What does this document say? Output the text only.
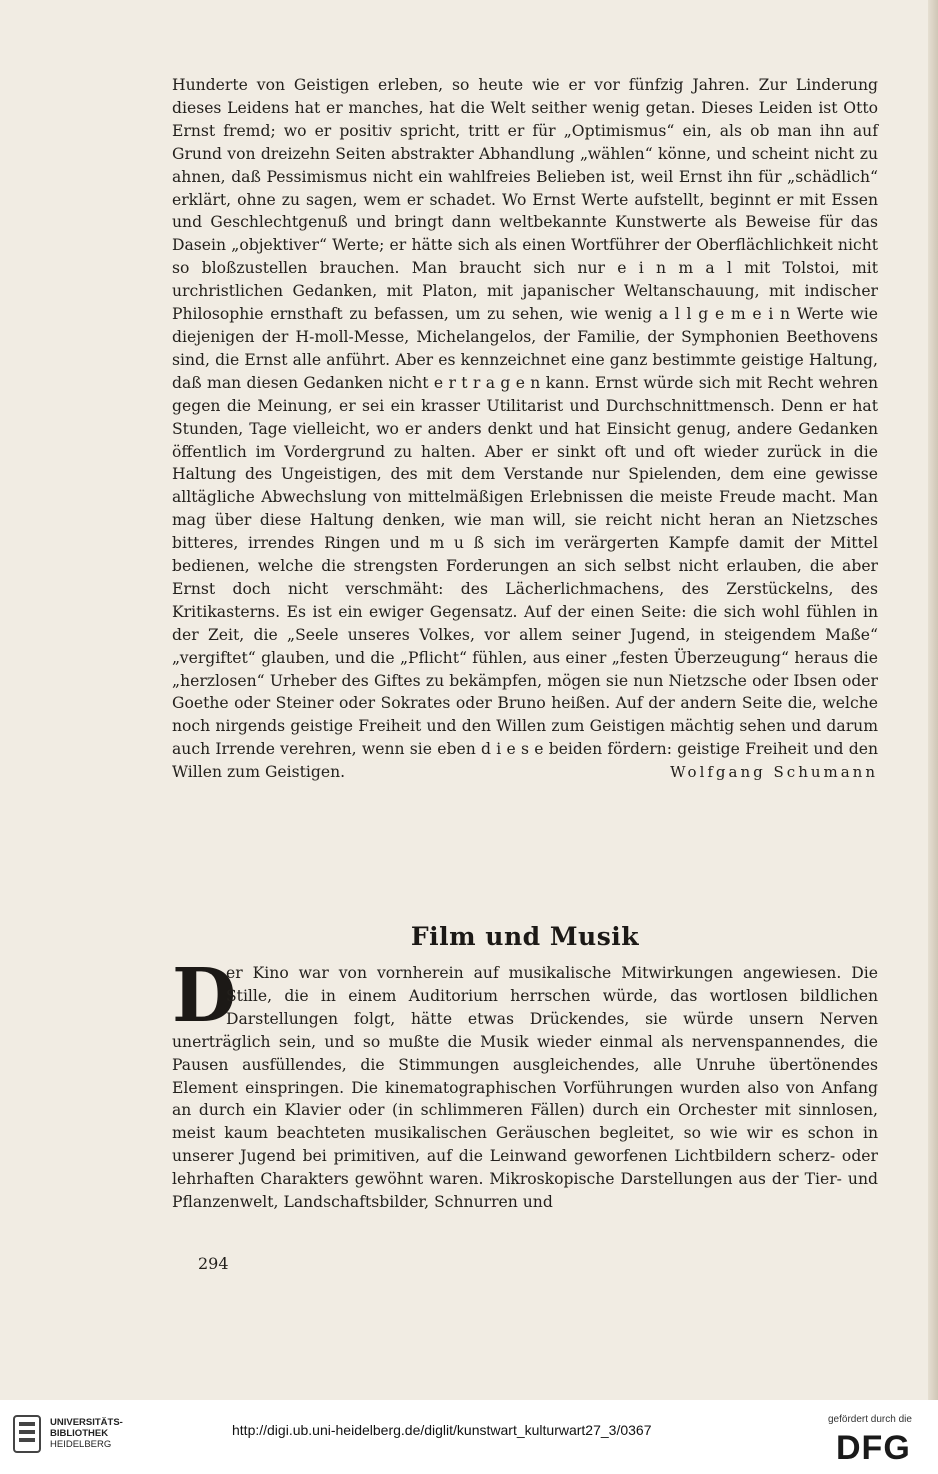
Hunderte von Geistigen erleben, so heute wie er vor fünfzig Jahren. Zur Linderung dieses Leidens hat er manches, hat die Welt seither wenig getan. Dieses Leiden ist Otto Ernst fremd; wo er positiv spricht, tritt er für „Optimismus“ ein, als ob man ihn auf Grund von dreizehn Seiten abstrakter Abhandlung „wählen“ könne, und scheint nicht zu ahnen, daß Pessimismus nicht ein wahlfreies Belieben ist, weil Ernst ihn für „schädlich“ erklärt, ohne zu sagen, wem er schadet. Wo Ernst Werte aufstellt, beginnt er mit Essen und Geschlechtgenuß und bringt dann weltbekannte Kunstwerte als Beweise für das Dasein „objektiver“ Werte; er hätte sich als einen Wortführer der Oberflächlichkeit nicht so bloßzustellen brauchen. Man braucht sich nur e i n m a l mit Tolstoi, mit urchristlichen Gedanken, mit Platon, mit japanischer Weltanschauung, mit indischer Philosophie ernsthaft zu befassen, um zu sehen, wie wenig a l l g e m e i n Werte wie diejenigen der H-moll-Messe, Michelangelos, der Familie, der Symphonien Beethovens sind, die Ernst alle anführt. Aber es kennzeichnet eine ganz bestimmte geistige Haltung, daß man diesen Gedanken nicht e r t r a g e n kann. Ernst würde sich mit Recht wehren gegen die Meinung, er sei ein krasser Utilitarist und Durchschnittmensch. Denn er hat Stunden, Tage vielleicht, wo er anders denkt und hat Einsicht genug, andere Gedanken öffentlich im Vordergrund zu halten. Aber er sinkt oft und oft wieder zurück in die Haltung des Ungeistigen, des mit dem Verstande nur Spielenden, dem eine gewisse alltägliche Abwechslung von mittelmäßigen Erlebnissen die meiste Freude macht. Man mag über diese Haltung denken, wie man will, sie reicht nicht heran an Nietzsches bitteres, irrendes Ringen und m u ß sich im verärgerten Kampfe damit der Mittel bedienen, welche die strengsten Forderungen an sich selbst nicht erlauben, die aber Ernst doch nicht verschmäht: des Lächerlichmachens, des Zerstückelns, des Kritikasterns. Es ist ein ewiger Gegensatz. Auf der einen Seite: die sich wohl fühlen in der Zeit, die „Seele unseres Volkes, vor allem seiner Jugend, in steigendem Maße“ „vergiftet“ glauben, und die „Pflicht“ fühlen, aus einer „festen Überzeugung“ heraus die „herzlosen“ Urheber des Giftes zu bekämpfen, mögen sie nun Nietzsche oder Ibsen oder Goethe oder Steiner oder Sokrates oder Bruno heißen. Auf der andern Seite die, welche noch nirgends geistige Freiheit und den Willen zum Geistigen mächtig sehen und darum auch Irrende verehren, wenn sie eben d i e s e beiden fördern: geistige Freiheit und den Willen zum Geistigen.	Wolfgang Schumann

Film und Musik
D

er Kino war von vornherein auf musikalische Mitwirkungen angewiesen. Die Stille, die in einem Auditorium herrschen würde, das wortlosen bildlichen Darstellungen folgt, hätte etwas Drückendes, sie würde unsern Nerven unerträglich sein, und so mußte die Musik wieder einmal als nervenspannendes, die Pausen ausfüllendes, die Stimmungen ausgleichendes, alle Unruhe übertönendes Element einspringen. Die kinematographischen Vorführungen wurden also von Anfang an durch ein Klavier oder (in schlimmeren Fällen) durch ein Orchester mit sinnlosen, meist kaum beachteten musikalischen Geräuschen begleitet, so wie wir es schon in unserer Jugend bei primitiven, auf die Leinwand geworfenen Lichtbildern scherz- oder lehrhaften Charakters gewöhnt waren. Mikroskopische Darstellungen aus der Tier- und Pflanzenwelt, Landschaftsbilder, Schnurren und

294

UNIVERSITÄTS-
BIBLIOTHEK
HEIDELBERG
http://digi.ub.uni-heidelberg.de/diglit/kunstwart_kulturwart27_3/0367
gefördert durch die
DFG
